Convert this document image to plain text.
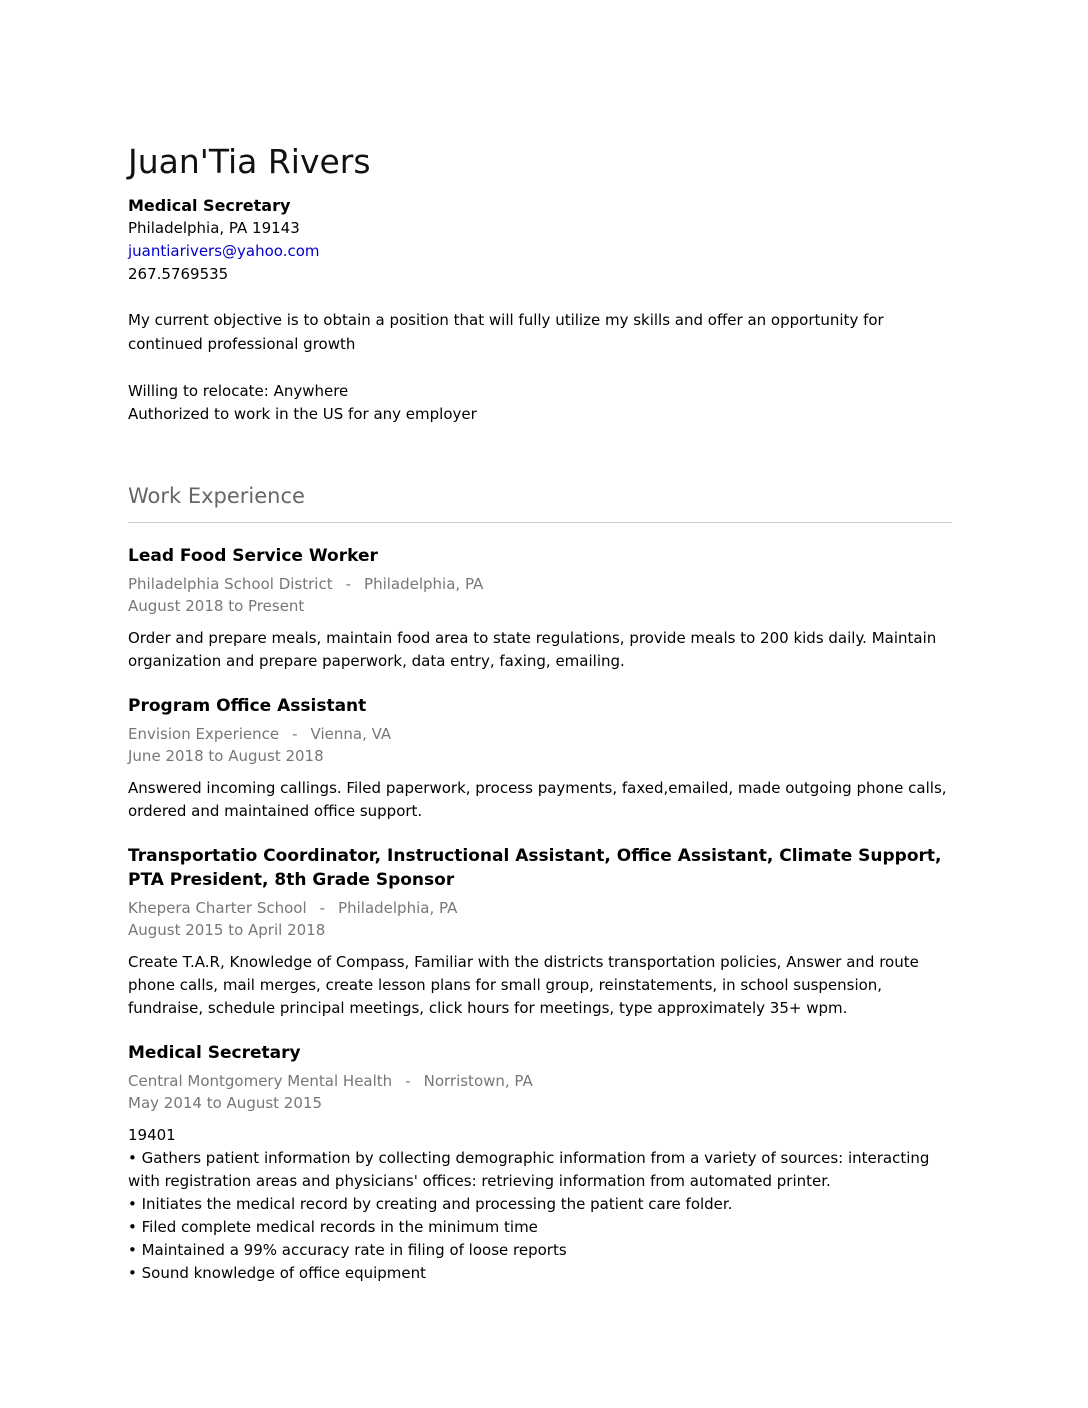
Juan'Tia Rivers
Medical Secretary
Philadelphia, PA 19143
juantiarivers@yahoo.com
267.5769535

My current objective is to obtain a position that will fully utilize my skills and offer an opportunity for continued professional growth

Willing to relocate: Anywhere
Authorized to work in the US for any employer
Work Experience
Lead Food Service Worker
Philadelphia School District - Philadelphia, PA
August 2018 to Present

Order and prepare meals, maintain food area to state regulations, provide meals to 200 kids daily. Maintain organization and prepare paperwork, data entry, faxing, emailing.

Program Office Assistant
Envision Experience - Vienna, VA
June 2018 to August 2018

Answered incoming callings. Filed paperwork, process payments, faxed,emailed, made outgoing phone calls, ordered and maintained office support.

Transportatio Coordinator, Instructional Assistant, Office Assistant, Climate Support, PTA President, 8th Grade Sponsor
Khepera Charter School - Philadelphia, PA
August 2015 to April 2018

Create T.A.R, Knowledge of Compass, Familiar with the districts transportation policies, Answer and route phone calls, mail merges, create lesson plans for small group, reinstatements, in school suspension, fundraise, schedule principal meetings, click hours for meetings, type approximately 35+ wpm.

Medical Secretary
Central Montgomery Mental Health - Norristown, PA
May 2014 to August 2015
19401
• Gathers patient information by collecting demographic information from a variety of sources: interacting with registration areas and physicians' offices: retrieving information from automated printer.
• Initiates the medical record by creating and processing the patient care folder.
• Filed complete medical records in the minimum time
• Maintained a 99% accuracy rate in filing of loose reports
• Sound knowledge of office equipment
